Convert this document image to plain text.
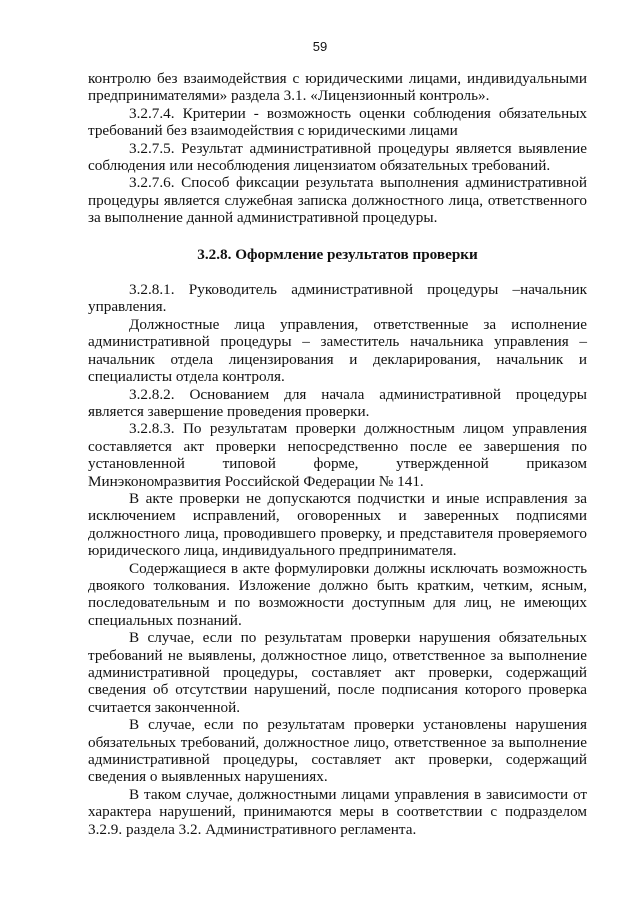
59

контролю без взаимодействия с юридическими лицами, индивидуальными предпринимателями» раздела 3.1. «Лицензионный контроль».

3.2.7.4. Критерии - возможность оценки соблюдения обязательных требований без взаимодействия с юридическими лицами

3.2.7.5. Результат административной процедуры является выявление соблюдения или несоблюдения лицензиатом обязательных требований.

3.2.7.6. Способ фиксации результата выполнения административной процедуры является служебная записка должностного лица, ответственного за выполнение данной административной процедуры.

3.2.8. Оформление результатов проверки

3.2.8.1. Руководитель административной процедуры –начальник управления.

Должностные лица управления, ответственные за исполнение административной процедуры – заместитель начальника управления – начальник отдела лицензирования и декларирования, начальник и специалисты отдела контроля.

3.2.8.2. Основанием для начала административной процедуры является завершение проведения проверки.

3.2.8.3. По результатам проверки должностным лицом управления составляется акт проверки непосредственно после ее завершения по установленной типовой форме, утвержденной приказом Минэкономразвития Российской Федерации № 141.

В акте проверки не допускаются подчистки и иные исправления за исключением исправлений, оговоренных и заверенных подписями должностного лица, проводившего проверку, и представителя проверяемого юридического лица, индивидуального предпринимателя.

Содержащиеся в акте формулировки должны исключать возможность двоякого толкования. Изложение должно быть кратким, четким, ясным, последовательным и по возможности доступным для лиц, не имеющих специальных познаний.

В случае, если по результатам проверки нарушения обязательных требований не выявлены, должностное лицо, ответственное за выполнение административной процедуры, составляет акт проверки, содержащий сведения об отсутствии нарушений, после подписания которого проверка считается законченной.

В случае, если по результатам проверки установлены нарушения обязательных требований, должностное лицо, ответственное за выполнение административной процедуры, составляет акт проверки, содержащий сведения о выявленных нарушениях.

В таком случае, должностными лицами управления в зависимости от характера нарушений, принимаются меры в соответствии с подразделом 3.2.9. раздела 3.2. Административного регламента.
